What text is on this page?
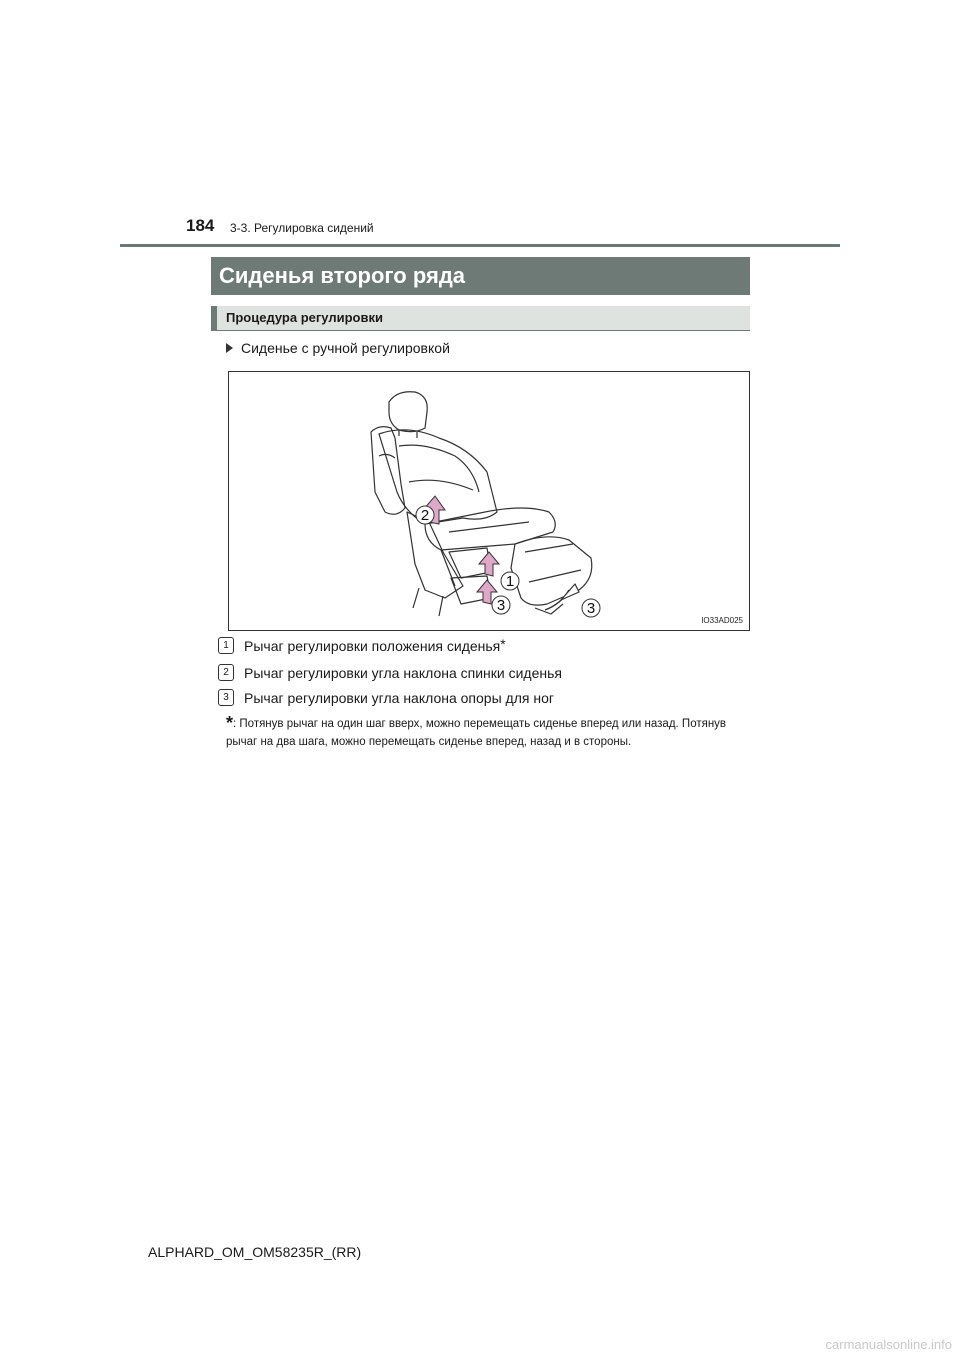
184 3-3. Регулировка сидений
Сиденья второго ряда
Процедура регулировки
Сиденье с ручной регулировкой
2
1
3	3
IO33AD025
1	Рычаг регулировки положения сиденья*
2	Рычаг регулировки угла наклона спинки сиденья
3	Рычаг регулировки угла наклона опоры для ног
*: Потянув рычаг на один шаг вверх, можно перемещать сиденье вперед или назад. Потянув рычаг на два шага, можно перемещать сиденье вперед, назад и в стороны.
ALPHARD_OM_OM58235R_(RR)
carmanualsonline.info
